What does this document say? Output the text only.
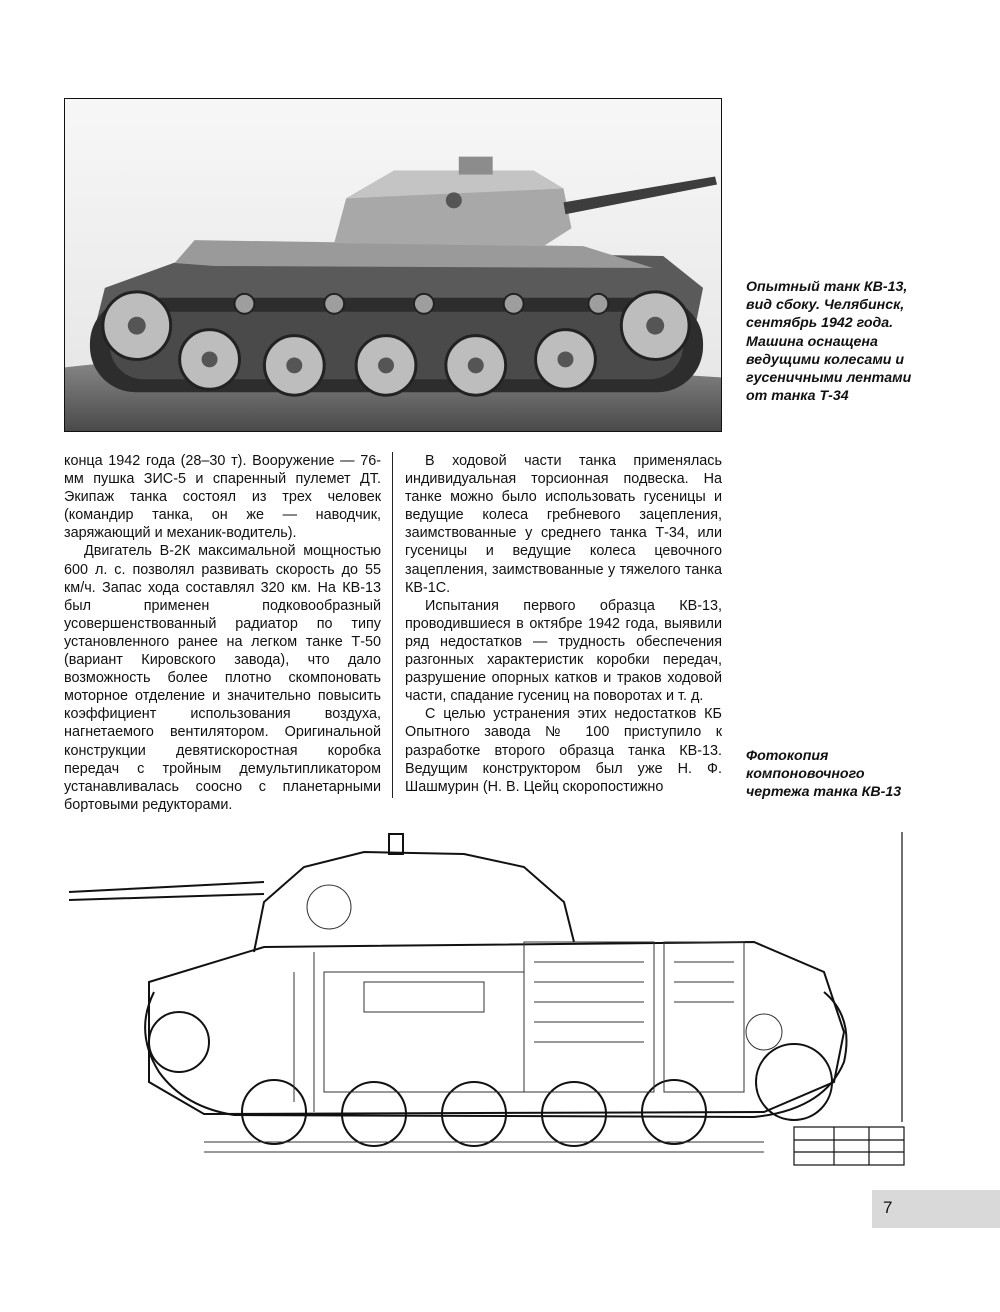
Опытный танк КВ-13, вид сбоку. Челябинск, сентябрь 1942 года. Машина оснащена ведущими колесами и гусеничными лентами от танка Т-34

конца 1942 года (28–30 т). Вооружение — 76-мм пушка ЗИС-5 и спаренный пулемет ДТ. Экипаж танка состоял из трех человек (командир танка, он же — наводчик, заряжающий и механик-водитель).

Двигатель В-2К максимальной мощностью 600 л. с. позволял развивать скорость до 55 км/ч. Запас хода составлял 320 км. На КВ-13 был применен подковообразный усовершенствованный радиатор по типу установленного ранее на легком танке Т-50 (вариант Кировского завода), что дало возможность более плотно скомпоновать моторное отделение и значительно повысить коэффициент использования воздуха, нагнетаемого вентилятором. Оригинальной конструкции девятискоростная коробка передач с тройным демультипликатором устанавливалась соосно с планетарными бортовыми редукторами.

В ходовой части танка применялась индивидуальная торсионная подвеска. На танке можно было использовать гусеницы и ведущие колеса гребневого зацепления, заимствованные у среднего танка Т-34, или гусеницы и ведущие колеса цевочного зацепления, заимствованные у тяжелого танка КВ-1С.

Испытания первого образца КВ-13, проводившиеся в октябре 1942 года, выявили ряд недостатков — трудность обеспечения разгонных характеристик коробки передач, разрушение опорных катков и траков ходовой части, спадание гусениц на поворотах и т. д.

С целью устранения этих недостатков КБ Опытного завода № 100 приступило к разработке второго образца танка КВ-13. Ведущим конструктором был уже Н. Ф. Шашмурин (Н. В. Цейц скоропостижно

Фотокопия компоновочного чертежа танка КВ-13
7
